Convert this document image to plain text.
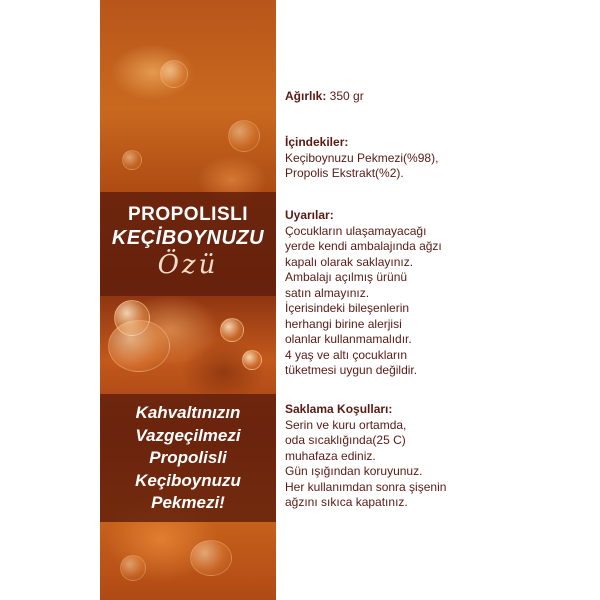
PROPOLISLI
KEÇİBOYNUZU
Özü
Kahvaltınızın
Vazgeçilmezi
Propolisli
Keçiboynuzu
Pekmezi!
Ağırlık: 350 gr
İçindekiler:
Keçiboynuzu Pekmezi(%98),
Propolis Ekstrakt(%2).
Uyarılar:
Çocukların ulaşamayacağı
yerde kendi ambalajında ağzı
kapalı olarak saklayınız.
Ambalajı açılmış ürünü
satın almayınız.
İçerisindeki bileşenlerin
herhangi birine alerjisi
olanlar kullanmamalıdır.
4 yaş ve altı çocukların
tüketmesi uygun değildir.
Saklama Koşulları:
Serin ve kuru ortamda,
oda sıcaklığında(25 C)
muhafaza ediniz.
Gün ışığından koruyunuz.
Her kullanımdan sonra şişenin
ağzını sıkıca kapatınız.
